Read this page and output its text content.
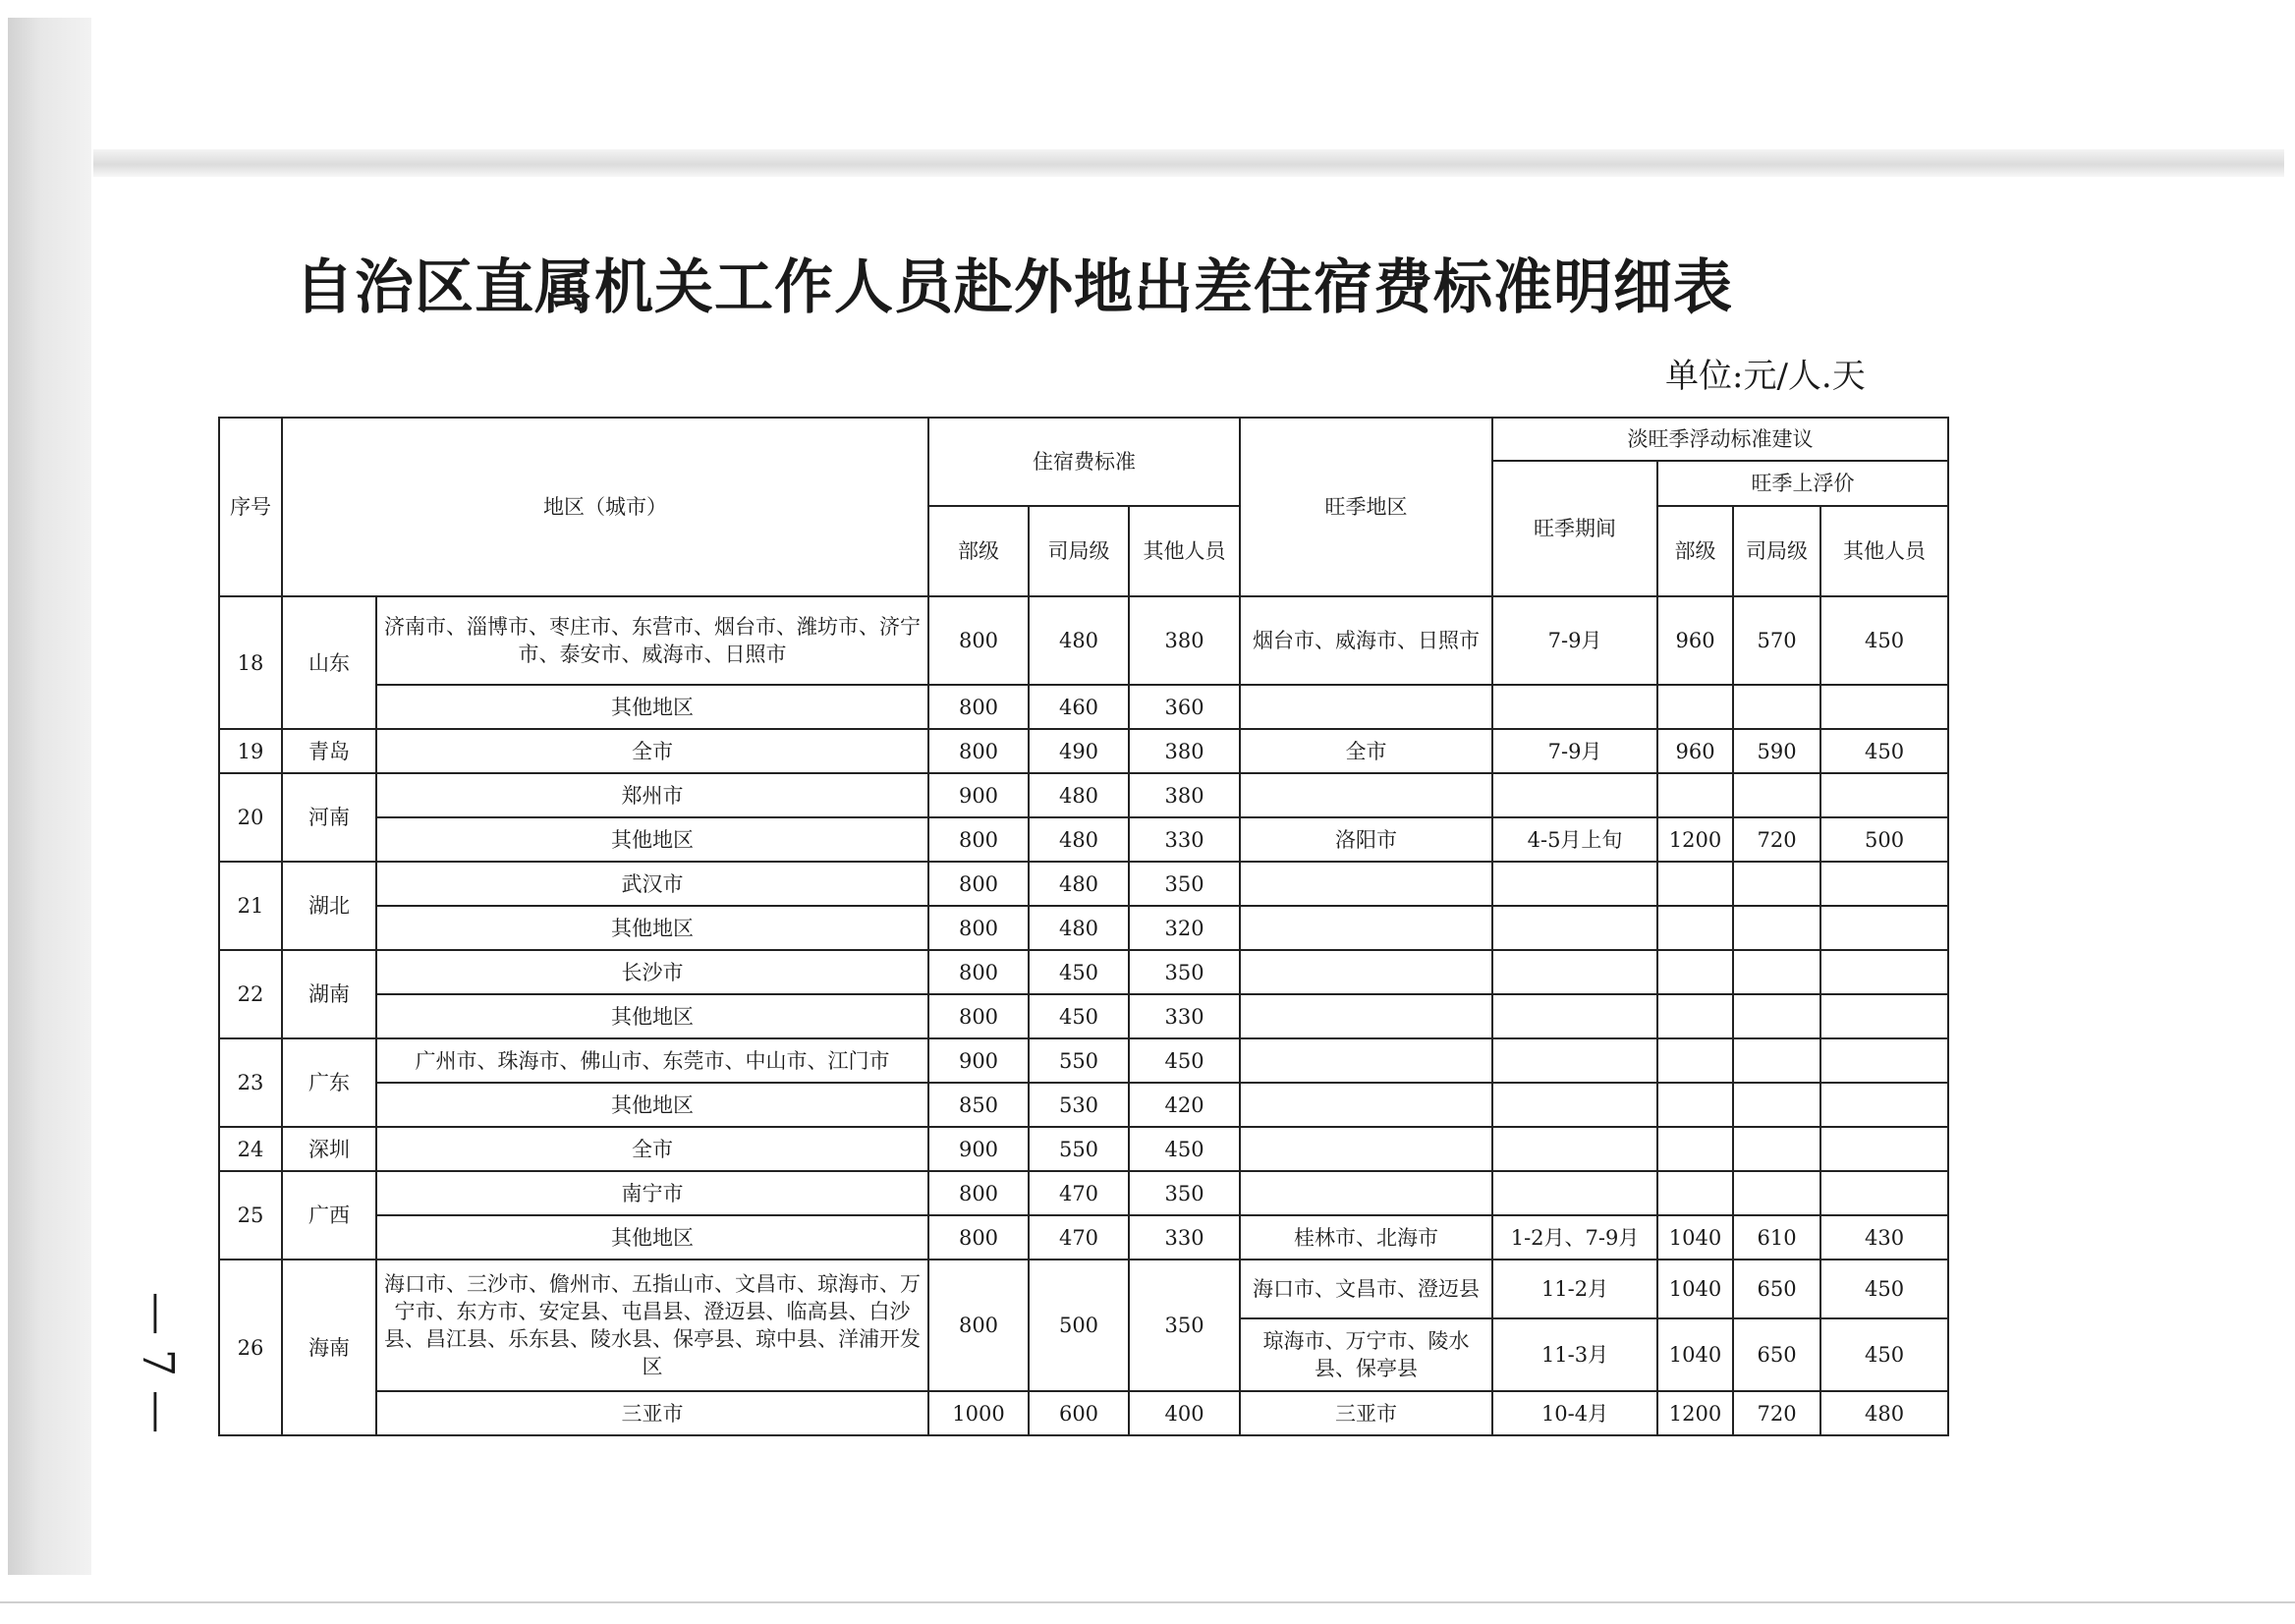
自治区直属机关工作人员赴外地出差住宿费标准明细表
单位:元/人.天
— 7 —
序号	地区（城市）		住宿费标准			旺季地区	淡旺季浮动标准建议			
							旺季期间	旺季上浮价		
			部级	司局级	其他人员			部级	司局级	其他人员
18	山东	济南市、淄博市、枣庄市、东营市、烟台市、潍坊市、济宁市、泰安市、威海市、日照市	800	480	380	烟台市、威海市、日照市	7-9月	960	570	450
		其他地区	800	460	360					
19	青岛	全市	800	490	380	全市	7-9月	960	590	450
20	河南	郑州市	900	480	380					
		其他地区	800	480	330	洛阳市	4-5月上旬	1200	720	500
21	湖北	武汉市	800	480	350					
		其他地区	800	480	320					
22	湖南	长沙市	800	450	350					
		其他地区	800	450	330					
23	广东	广州市、珠海市、佛山市、东莞市、中山市、江门市	900	550	450					
		其他地区	850	530	420					
24	深圳	全市	900	550	450					
25	广西	南宁市	800	470	350					
		其他地区	800	470	330	桂林市、北海市	1-2月、7-9月	1040	610	430
26	海南	海口市、三沙市、儋州市、五指山市、文昌市、琼海市、万宁市、东方市、安定县、屯昌县、澄迈县、临高县、白沙县、昌江县、乐东县、陵水县、保亭县、琼中县、洋浦开发区	800	500	350	海口市、文昌市、澄迈县	11-2月	1040	650	450
						琼海市、万宁市、陵水县、保亭县	11-3月	1040	650	450
		三亚市	1000	600	400	三亚市	10-4月	1200	720	480
